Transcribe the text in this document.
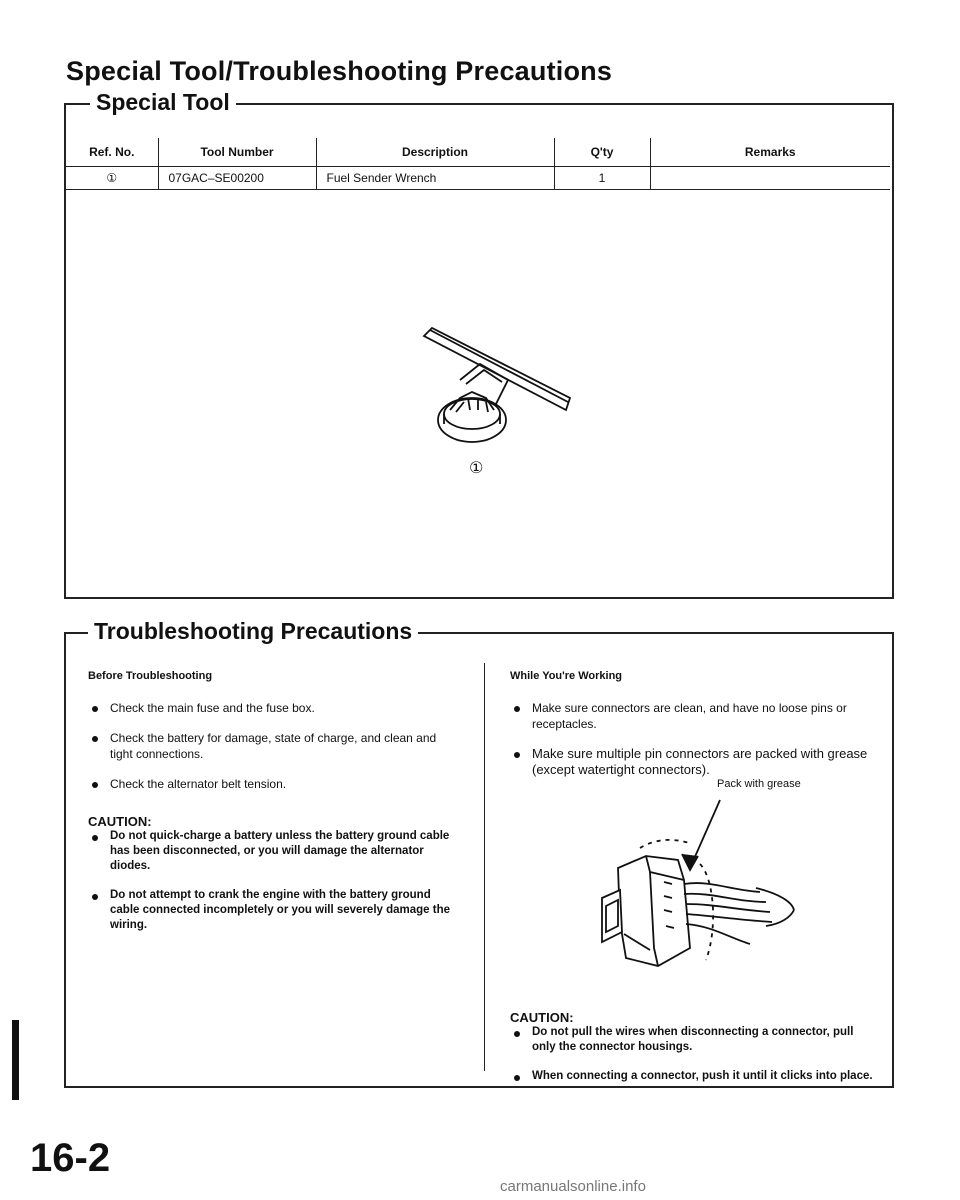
Special Tool/Troubleshooting Precautions
Special Tool
Ref. No.	Tool Number	Description	Q'ty	Remarks
①	07GAC–SE00200	Fuel Sender Wrench	1	
①
Troubleshooting Precautions
Before Troubleshooting

Check the main fuse and the fuse box.

Check the battery for damage, state of charge, and clean and tight connections.

Check the alternator belt tension.

CAUTION:

Do not quick-charge a battery unless the battery ground cable has been disconnected, or you will damage the alternator diodes.

Do not attempt to crank the engine with the battery ground cable connected incompletely or you will severely damage the wiring.

While You're Working

Make sure connectors are clean, and have no loose pins or receptacles.

Make sure multiple pin connectors are packed with grease (except watertight connectors).

Pack with grease
CAUTION:

Do not pull the wires when disconnecting a connector, pull only the connector housings.

When connecting a connector, push it until it clicks into place.

16-2
carmanualsonline.info
